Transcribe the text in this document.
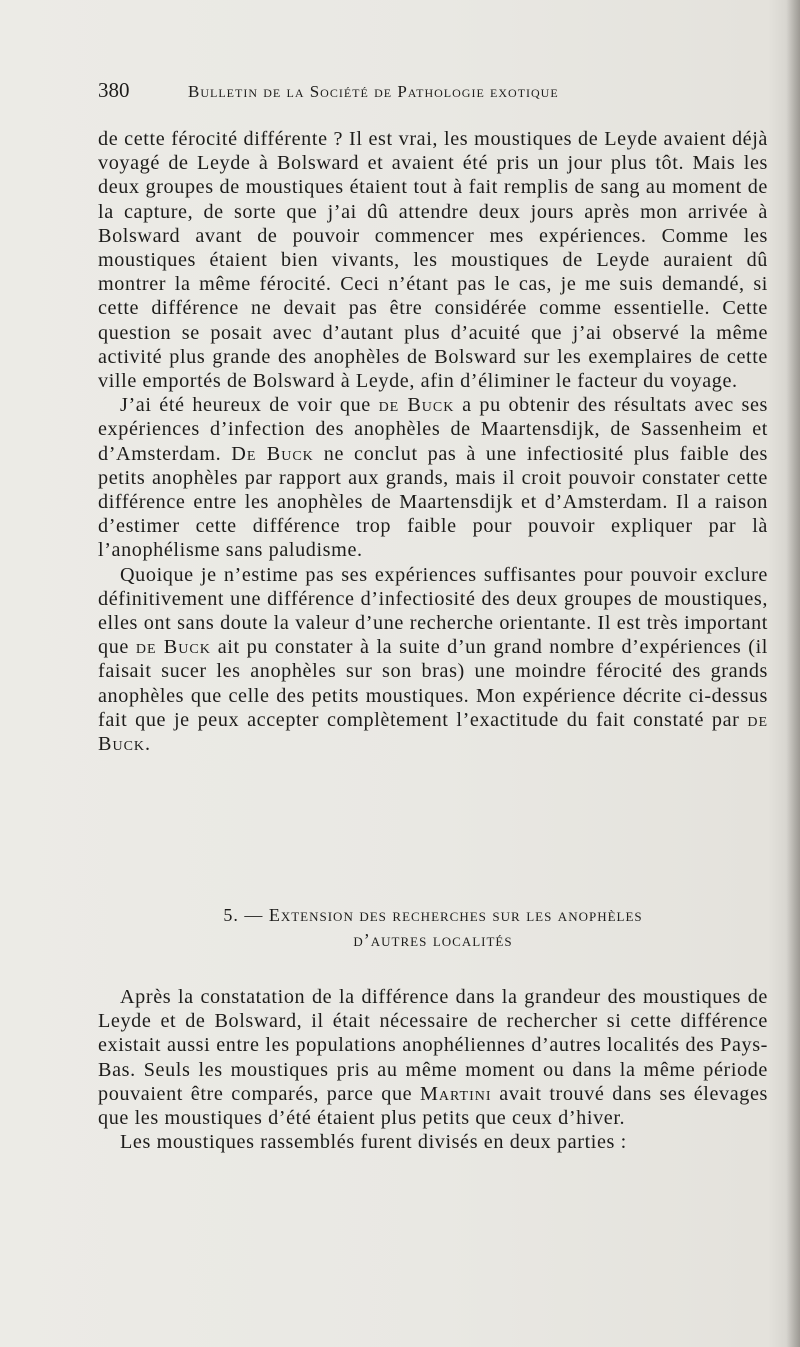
380	Bulletin de la Société de Pathologie exotique

de cette férocité différente ? Il est vrai, les moustiques de Leyde avaient déjà voyagé de Leyde à Bolsward et avaient été pris un jour plus tôt. Mais les deux groupes de moustiques étaient tout à fait remplis de sang au moment de la capture, de sorte que j’ai dû attendre deux jours après mon arrivée à Bolsward avant de pouvoir commencer mes expériences. Comme les moustiques étaient bien vivants, les moustiques de Leyde auraient dû montrer la même férocité. Ceci n’étant pas le cas, je me suis demandé, si cette différence ne devait pas être considérée comme essentielle. Cette question se posait avec d’autant plus d’acuité que j’ai observé la même activité plus grande des anophèles de Bolsward sur les exemplaires de cette ville emportés de Bolsward à Leyde, afin d’éliminer le facteur du voyage.

J’ai été heureux de voir que de Buck a pu obtenir des résultats avec ses expériences d’infection des anophèles de Maartensdijk, de Sassenheim et d’Amsterdam. De Buck ne conclut pas à une infectiosité plus faible des petits anophèles par rapport aux grands, mais il croit pouvoir constater cette différence entre les anophèles de Maartensdijk et d’Amsterdam. Il a raison d’estimer cette différence trop faible pour pouvoir expliquer par là l’anophélisme sans paludisme.

Quoique je n’estime pas ses expériences suffisantes pour pouvoir exclure définitivement une différence d’infectiosité des deux groupes de moustiques, elles ont sans doute la valeur d’une recherche orientante. Il est très important que de Buck ait pu constater à la suite d’un grand nombre d’expériences (il faisait sucer les anophèles sur son bras) une moindre férocité des grands anophèles que celle des petits moustiques. Mon expérience décrite ci-dessus fait que je peux accepter complètement l’exactitude du fait constaté par de Buck.

5. — Extension des recherches sur les anophèles
d’autres localités

Après la constatation de la différence dans la grandeur des moustiques de Leyde et de Bolsward, il était nécessaire de rechercher si cette différence existait aussi entre les populations anophéliennes d’autres localités des Pays-Bas. Seuls les moustiques pris au même moment ou dans la même période pouvaient être comparés, parce que Martini avait trouvé dans ses élevages que les moustiques d’été étaient plus petits que ceux d’hiver.

Les moustiques rassemblés furent divisés en deux parties :
